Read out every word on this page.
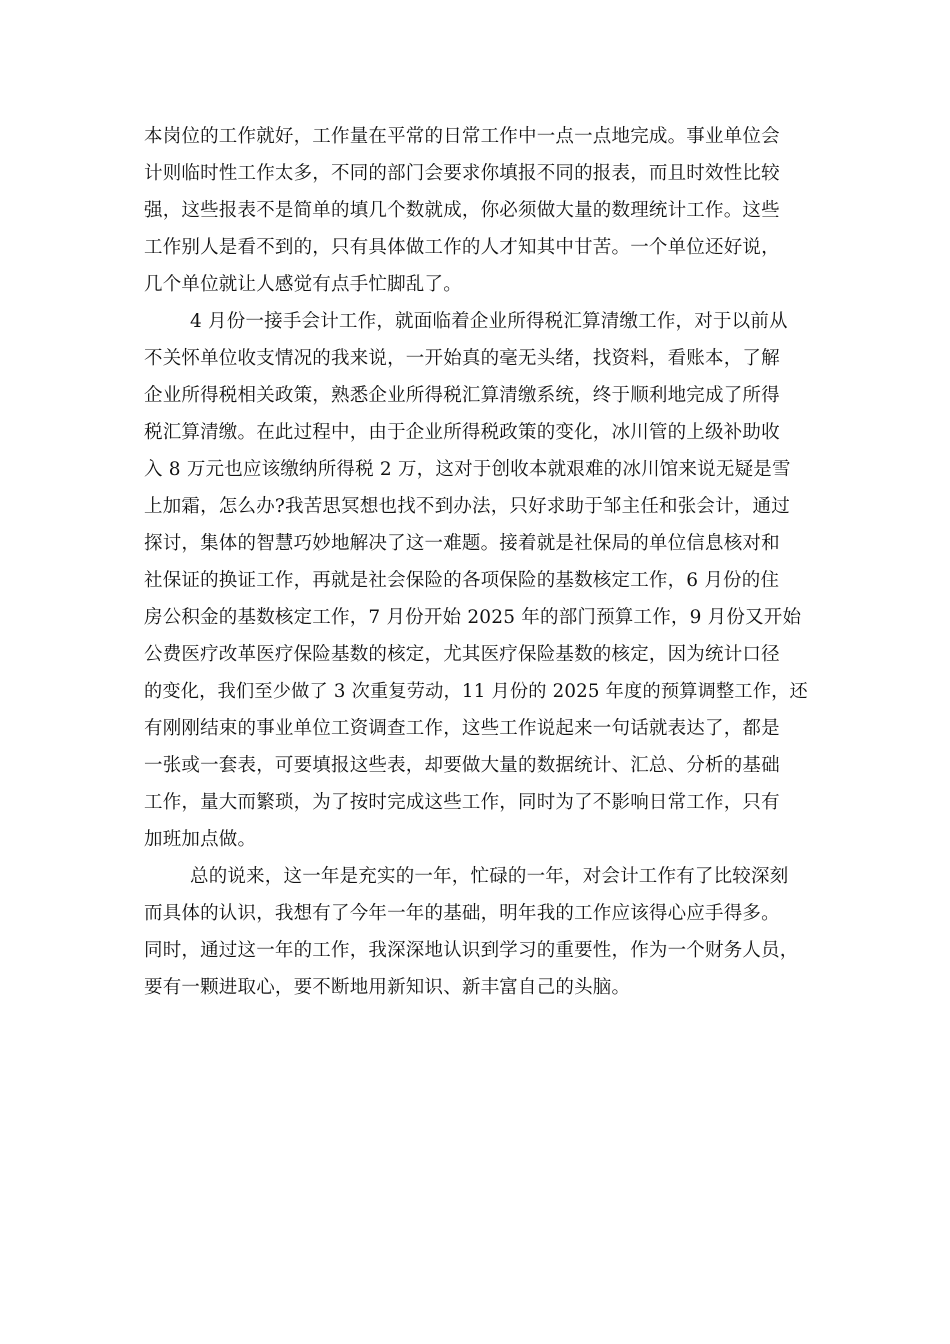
本岗位的工作就好，工作量在平常的日常工作中一点一点地完成。事业单位会
计则临时性工作太多，不同的部门会要求你填报不同的报表，而且时效性比较
强，这些报表不是简单的填几个数就成，你必须做大量的数理统计工作。这些
工作别人是看不到的，只有具体做工作的人才知其中甘苦。一个单位还好说，
几个单位就让人感觉有点手忙脚乱了。
4 月份一接手会计工作，就面临着企业所得税汇算清缴工作，对于以前从
不关怀单位收支情况的我来说，一开始真的毫无头绪，找资料，看账本，了解
企业所得税相关政策，熟悉企业所得税汇算清缴系统，终于顺利地完成了所得
税汇算清缴。在此过程中，由于企业所得税政策的变化，冰川管的上级补助收
入 8 万元也应该缴纳所得税 2 万，这对于创收本就艰难的冰川馆来说无疑是雪
上加霜，怎么办?我苦思冥想也找不到办法，只好求助于邹主任和张会计，通过
探讨，集体的智慧巧妙地解决了这一难题。接着就是社保局的单位信息核对和
社保证的换证工作，再就是社会保险的各项保险的基数核定工作，6 月份的住
房公积金的基数核定工作，7 月份开始 2025 年的部门预算工作，9 月份又开始
公费医疗改革医疗保险基数的核定，尤其医疗保险基数的核定，因为统计口径
的变化，我们至少做了 3 次重复劳动，11 月份的 2025 年度的预算调整工作，还
有刚刚结束的事业单位工资调查工作，这些工作说起来一句话就表达了，都是
一张或一套表，可要填报这些表，却要做大量的数据统计、汇总、分析的基础
工作，量大而繁琐，为了按时完成这些工作，同时为了不影响日常工作，只有
加班加点做。
总的说来，这一年是充实的一年，忙碌的一年，对会计工作有了比较深刻
而具体的认识，我想有了今年一年的基础，明年我的工作应该得心应手得多。
同时，通过这一年的工作，我深深地认识到学习的重要性，作为一个财务人员，
要有一颗进取心，要不断地用新知识、新丰富自己的头脑。
